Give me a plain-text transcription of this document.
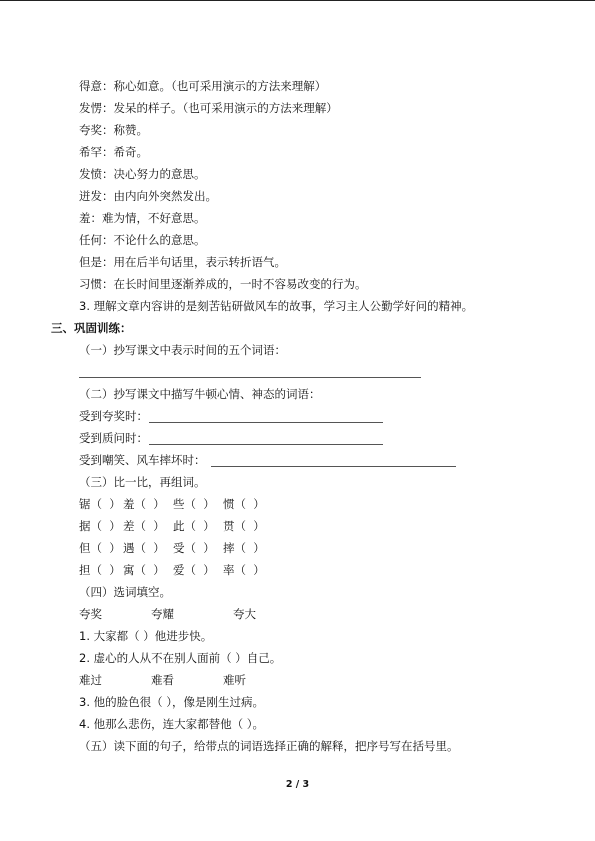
得意：称心如意。（也可采用演示的方法来理解）
发愣：发呆的样子。（也可采用演示的方法来理解）
夸奖：称赞。
希罕：希奇。
发愤：决心努力的意思。
迸发：由内向外突然发出。
羞：难为情，不好意思。
任何：不论什么的意思。
但是：用在后半句话里，表示转折语气。
习惯：在长时间里逐渐养成的，一时不容易改变的行为。
3. 理解文章内容讲的是刻苦钻研做风车的故事，学习主人公勤学好问的精神。
三、巩固训练：
（一）抄写课文中表示时间的五个词语：
（二）抄写课文中描写牛顿心情、神态的词语：
受到夸奖时：
受到质问时：
受到嘲笑、风车摔坏时：
（三）比一比，再组词。
锯（  ） 羞（  ） 些（  ） 惯（  ）
据（  ） 差（  ） 此（  ） 贯（  ）
但（  ） 遇（  ） 受（  ） 摔（  ）
担（  ） 寓（  ） 爱（  ） 率（  ）
（四）选词填空。
夸奖	夸耀	夸大
1. 大家都（ ）他进步快。
2. 虚心的人从不在别人面前（ ）自己。
难过	难看	难听
3. 他的脸色很（ ），像是刚生过病。
4. 他那么悲伤，连大家都替他（ ）。
（五）读下面的句子，给带点的词语选择正确的解释，把序号写在括号里。
2 / 3
